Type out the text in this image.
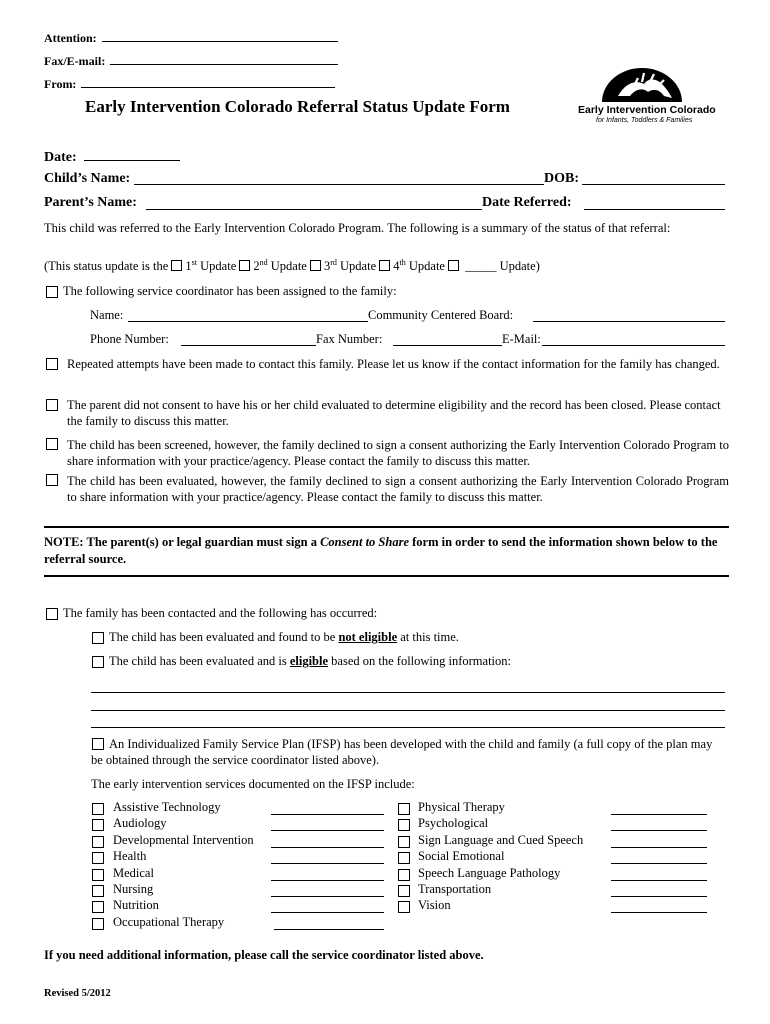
Attention:
Fax/E-mail:
From:
Early Intervention Colorado
for Infants, Toddlers & Families
Early Intervention Colorado Referral Status Update Form
Date:
Child’s Name:	DOB:
Parent’s Name:	Date Referred:
This child was referred to the Early Intervention Colorado Program. The following is a summary of the status of that referral:
(This status update is the 1st Update 2nd Update 3rd Update 4th Update _____ Update)
The following service coordinator has been assigned to the family:
Name:	Community Centered Board:
Phone Number:	Fax Number:	E-Mail:
Repeated attempts have been made to contact this family. Please let us know if the contact information for the family has changed.
The parent did not consent to have his or her child evaluated to determine eligibility and the record has been closed. Please contact the family to discuss this matter.
The child has been screened, however, the family declined to sign a consent authorizing the Early Intervention Colorado Program to share information with your practice/agency. Please contact the family to discuss this matter.
The child has been evaluated, however, the family declined to sign a consent authorizing the Early Intervention Colorado Program to share information with your practice/agency. Please contact the family to discuss this matter.
NOTE: The parent(s) or legal guardian must sign a Consent to Share form in order to send the information shown below to the referral source.
The family has been contacted and the following has occurred:
The child has been evaluated and found to be not eligible at this time.
The child has been evaluated and is eligible based on the following information:
An Individualized Family Service Plan (IFSP) has been developed with the child and family (a full copy of the plan may be obtained through the service coordinator listed above).
The early intervention services documented on the IFSP include:
Assistive Technology
Audiology
Developmental Intervention
Health
Medical
Nursing
Nutrition
Occupational Therapy
Physical Therapy
Psychological
Sign Language and Cued Speech
Social Emotional
Speech Language Pathology
Transportation
Vision
If you need additional information, please call the service coordinator listed above.
Revised 5/2012
